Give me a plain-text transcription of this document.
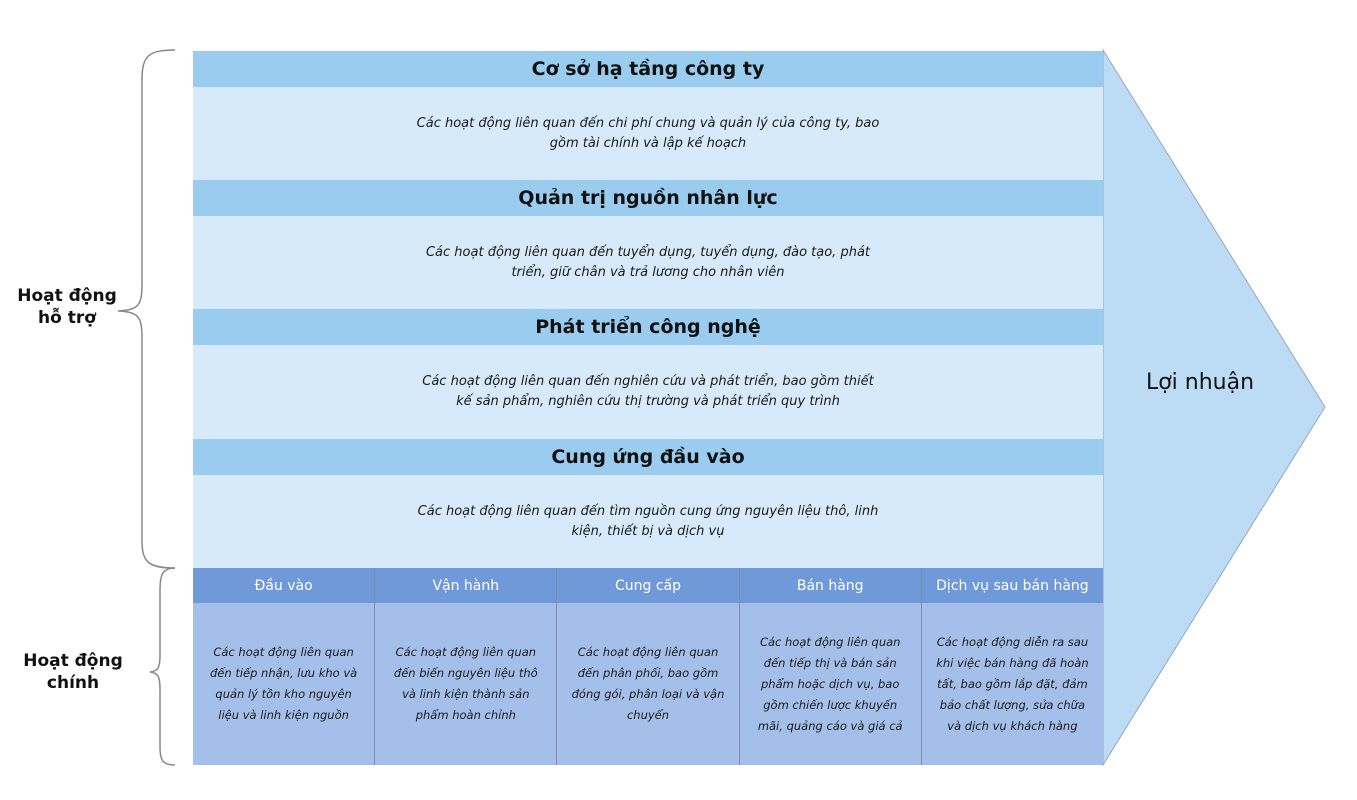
Hoạt động hỗ trợ
Hoạt động chính
Cơ sở hạ tầng công ty
Các hoạt động liên quan đến chi phí chung và quản lý của công ty, bao gồm tài chính và lập kế hoạch
Quản trị nguồn nhân lực
Các hoạt động liên quan đến tuyển dụng, tuyển dụng, đào tạo, phát triển, giữ chân và trả lương cho nhân viên
Phát triển công nghệ
Các hoạt động liên quan đến nghiên cứu và phát triển, bao gồm thiết kế sản phẩm, nghiên cứu thị trường và phát triển quy trình
Cung ứng đầu vào
Các hoạt động liên quan đến tìm nguồn cung ứng nguyên liệu thô, linh kiện, thiết bị và dịch vụ
Đầu vào
Các hoạt động liên quan đến tiếp nhận, lưu kho và quản lý tồn kho nguyên liệu và linh kiện nguồn
Vận hành
Các hoạt động liên quan đến biến nguyên liệu thô và linh kiện thành sản phẩm hoàn chỉnh
Cung cấp
Các hoạt động liên quan đến phân phối, bao gồm đóng gói, phân loại và vận chuyển
Bán hàng
Các hoạt động liên quan đến tiếp thị và bán sản phẩm hoặc dịch vụ, bao gồm chiến lược khuyến mãi, quảng cáo và giá cả
Dịch vụ sau bán hàng
Các hoạt động diễn ra sau khi việc bán hàng đã hoàn tất, bao gồm lắp đặt, đảm bảo chất lượng, sửa chữa và dịch vụ khách hàng
Lợi nhuận
